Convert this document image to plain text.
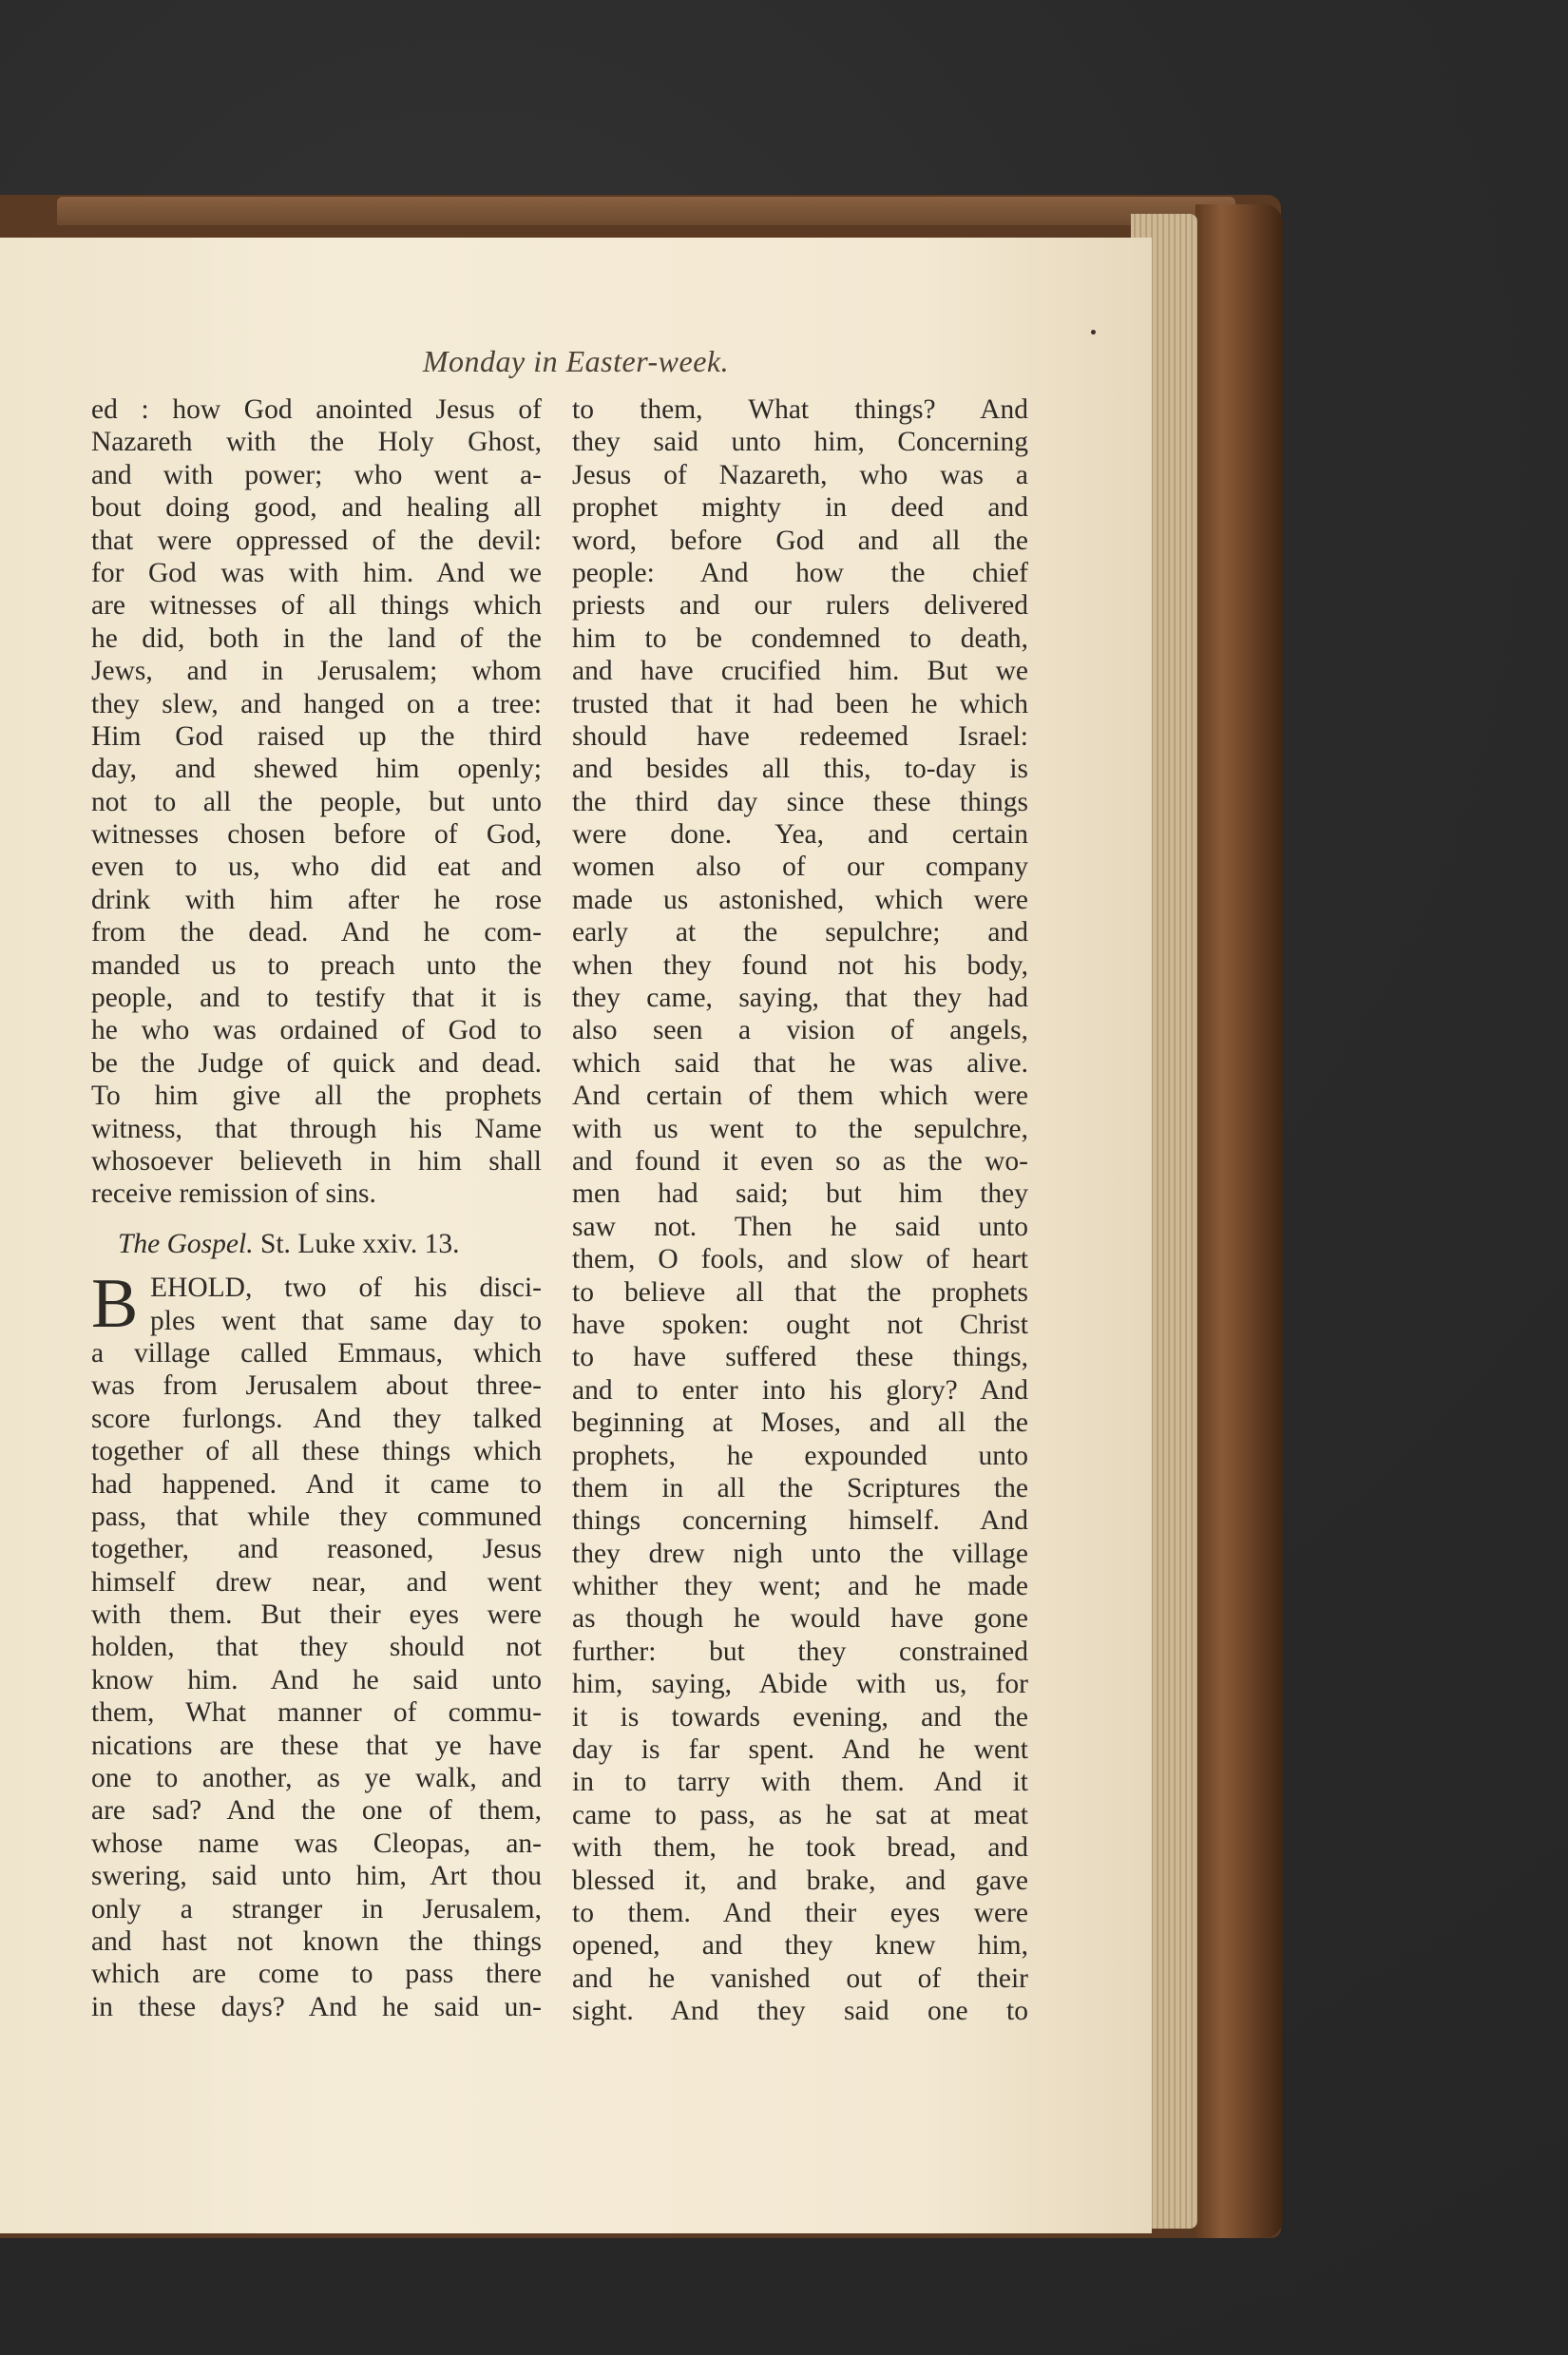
Monday in Easter-week.
ed : how God anointed Jesus of
Nazareth with the Holy Ghost,
and with power; who went a-
bout doing good, and healing all
that were oppressed of the devil:
for God was with him. And we
are witnesses of all things which
he did, both in the land of the
Jews, and in Jerusalem; whom
they slew, and hanged on a tree:
Him God raised up the third
day, and shewed him openly;
not to all the people, but unto
witnesses chosen before of God,
even to us, who did eat and
drink with him after he rose
from the dead. And he com-
manded us to preach unto the
people, and to testify that it is
he who was ordained of God to
be the Judge of quick and dead.
To him give all the prophets
witness, that through his Name
whosoever believeth in him shall
receive remission of sins.
The Gospel. St. Luke xxiv. 13.
B EHOLD, two of his disci-
ples went that same day to
a village called Emmaus, which
was from Jerusalem about three-
score furlongs. And they talked
together of all these things which
had happened. And it came to
pass, that while they communed
together, and reasoned, Jesus
himself drew near, and went
with them. But their eyes were
holden, that they should not
know him. And he said unto
them, What manner of commu-
nications are these that ye have
one to another, as ye walk, and
are sad? And the one of them,
whose name was Cleopas, an-
swering, said unto him, Art thou
only a stranger in Jerusalem,
and hast not known the things
which are come to pass there
in these days? And he said un-
to them, What things? And
they said unto him, Concerning
Jesus of Nazareth, who was a
prophet mighty in deed and
word, before God and all the
people: And how the chief
priests and our rulers delivered
him to be condemned to death,
and have crucified him. But we
trusted that it had been he which
should have redeemed Israel:
and besides all this, to-day is
the third day since these things
were done. Yea, and certain
women also of our company
made us astonished, which were
early at the sepulchre; and
when they found not his body,
they came, saying, that they had
also seen a vision of angels,
which said that he was alive.
And certain of them which were
with us went to the sepulchre,
and found it even so as the wo-
men had said; but him they
saw not. Then he said unto
them, O fools, and slow of heart
to believe all that the prophets
have spoken: ought not Christ
to have suffered these things,
and to enter into his glory? And
beginning at Moses, and all the
prophets, he expounded unto
them in all the Scriptures the
things concerning himself. And
they drew nigh unto the village
whither they went; and he made
as though he would have gone
further: but they constrained
him, saying, Abide with us, for
it is towards evening, and the
day is far spent. And he went
in to tarry with them. And it
came to pass, as he sat at meat
with them, he took bread, and
blessed it, and brake, and gave
to them. And their eyes were
opened, and they knew him,
and he vanished out of their
sight. And they said one to
